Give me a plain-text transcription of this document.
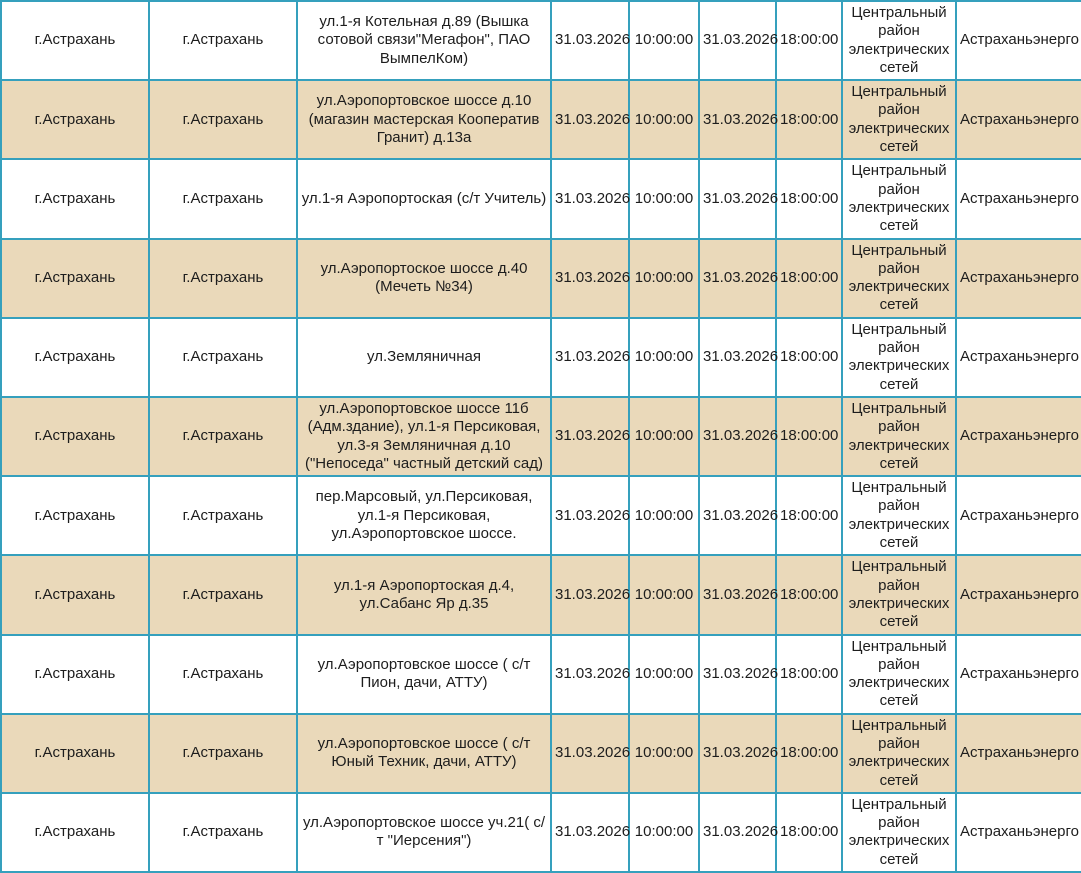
г.Астрахань	г.Астрахань	ул.1-я Котельная д.89 (Вышка сотовой связи"Мегафон", ПАО ВымпелКом)	31.03.2026	10:00:00	31.03.2026	18:00:00	Центральный район электрических сетей	Астраханьэнерго
г.Астрахань	г.Астрахань	ул.Аэропортовское шоссе д.10 (магазин мастерская Кооператив Гранит) д.13а	31.03.2026	10:00:00	31.03.2026	18:00:00	Центральный район электрических сетей	Астраханьэнерго
г.Астрахань	г.Астрахань	ул.1-я Аэропортоская (с/т Учитель)	31.03.2026	10:00:00	31.03.2026	18:00:00	Центральный район электрических сетей	Астраханьэнерго
г.Астрахань	г.Астрахань	ул.Аэропортоское шоссе д.40 (Мечеть №34)	31.03.2026	10:00:00	31.03.2026	18:00:00	Центральный район электрических сетей	Астраханьэнерго
г.Астрахань	г.Астрахань	ул.Земляничная	31.03.2026	10:00:00	31.03.2026	18:00:00	Центральный район электрических сетей	Астраханьэнерго
г.Астрахань	г.Астрахань	ул.Аэропортовское шоссе 11б (Адм.здание), ул.1-я Персиковая, ул.3-я Земляничная д.10 ("Непоседа" частный детский сад)	31.03.2026	10:00:00	31.03.2026	18:00:00	Центральный район электрических сетей	Астраханьэнерго
г.Астрахань	г.Астрахань	пер.Марсовый, ул.Персиковая, ул.1-я Персиковая, ул.Аэропортовское шоссе.	31.03.2026	10:00:00	31.03.2026	18:00:00	Центральный район электрических сетей	Астраханьэнерго
г.Астрахань	г.Астрахань	ул.1-я Аэропортоская д.4, ул.Сабанс Яр д.35	31.03.2026	10:00:00	31.03.2026	18:00:00	Центральный район электрических сетей	Астраханьэнерго
г.Астрахань	г.Астрахань	ул.Аэропортовское шоссе ( с/т Пион, дачи, АТТУ)	31.03.2026	10:00:00	31.03.2026	18:00:00	Центральный район электрических сетей	Астраханьэнерго
г.Астрахань	г.Астрахань	ул.Аэропортовское шоссе ( с/т Юный Техник, дачи, АТТУ)	31.03.2026	10:00:00	31.03.2026	18:00:00	Центральный район электрических сетей	Астраханьэнерго
г.Астрахань	г.Астрахань	ул.Аэропортовское шоссе уч.21( с/т "Иерсения")	31.03.2026	10:00:00	31.03.2026	18:00:00	Центральный район электрических сетей	Астраханьэнерго
